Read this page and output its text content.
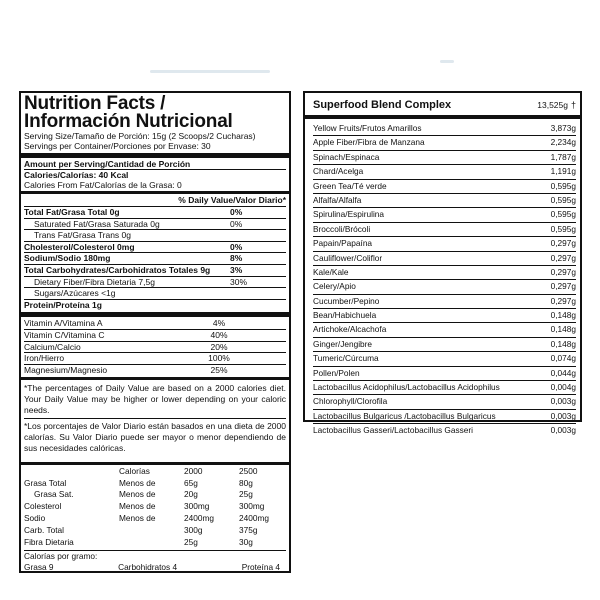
Nutrition Facts /
Información Nutricional
Serving Size/Tamaño de Porción: 15g (2 Scoops/2 Cucharas)
Servings per Container/Porciones por Envase: 30
Amount per Serving/Cantidad de Porción
Calories/Calorías: 40 Kcal
Calories From Fat/Calorías de la Grasa: 0
% Daily Value/Valor Diario*
Total Fat/Grasa Total 0g	0%
Saturated Fat/Grasa Saturada 0g	0%
Trans Fat/Grasa Trans 0g
Cholesterol/Colesterol 0mg	0%
Sodium/Sodio 180mg	8%
Total Carbohydrates/Carbohidratos Totales 9g	3%
Dietary Fiber/Fibra Dietaria 7,5g	30%
Sugars/Azúcares <1g
Protein/Proteína 1g
Vitamin A/Vitamina A	4%
Vitamin C/Vitamina C	40%
Calcium/Calcio	20%
Iron/Hierro	100%
Magnesium/Magnesio	25%
*The percentages of Daily Value are based on a 2000 calories diet. Your Daily Value may be higher or lower depending on your caloric needs.
*Los porcentajes de Valor Diario están basados en una dieta de 2000 calorías. Su Valor Diario puede ser mayor o menor dependiendo de sus necesidades calóricas.
	Calorías	2000	2500
Grasa Total	Menos de	65g	80g
Grasa Sat.	Menos de	20g	25g
Colesterol	Menos de	300mg	300mg
Sodio	Menos de	2400mg	2400mg
Carb. Total		300g	375g
Fibra Dietaria		25g	30g
Calorías por gramo:
Grasa 9	Carbohidratos 4	Proteína 4
Superfood Blend Complex	13,525g †
Yellow Fruits/Frutos Amarillos	3,873g
Apple Fiber/Fibra de Manzana	2,234g
Spinach/Espinaca	1,787g
Chard/Acelga	1,191g
Green Tea/Té verde	0,595g
Alfalfa/Alfalfa	0,595g
Spirulina/Espirulina	0,595g
Broccoli/Brócoli	0,595g
Papain/Papaína	0,297g
Cauliflower/Coliflor	0,297g
Kale/Kale	0,297g
Celery/Apio	0,297g
Cucumber/Pepino	0,297g
Bean/Habichuela	0,148g
Artichoke/Alcachofa	0,148g
Ginger/Jengibre	0,148g
Tumeric/Cúrcuma	0,074g
Pollen/Polen	0,044g
Lactobacillus Acidophilus/Lactobacillus Acidophilus	0,004g
Chlorophyll/Clorofila	0,003g
Lactobacillus Bulgaricus /Lactobacillus Bulgaricus	0,003g
Lactobacillus Gasseri/Lactobacillus Gasseri	0,003g
